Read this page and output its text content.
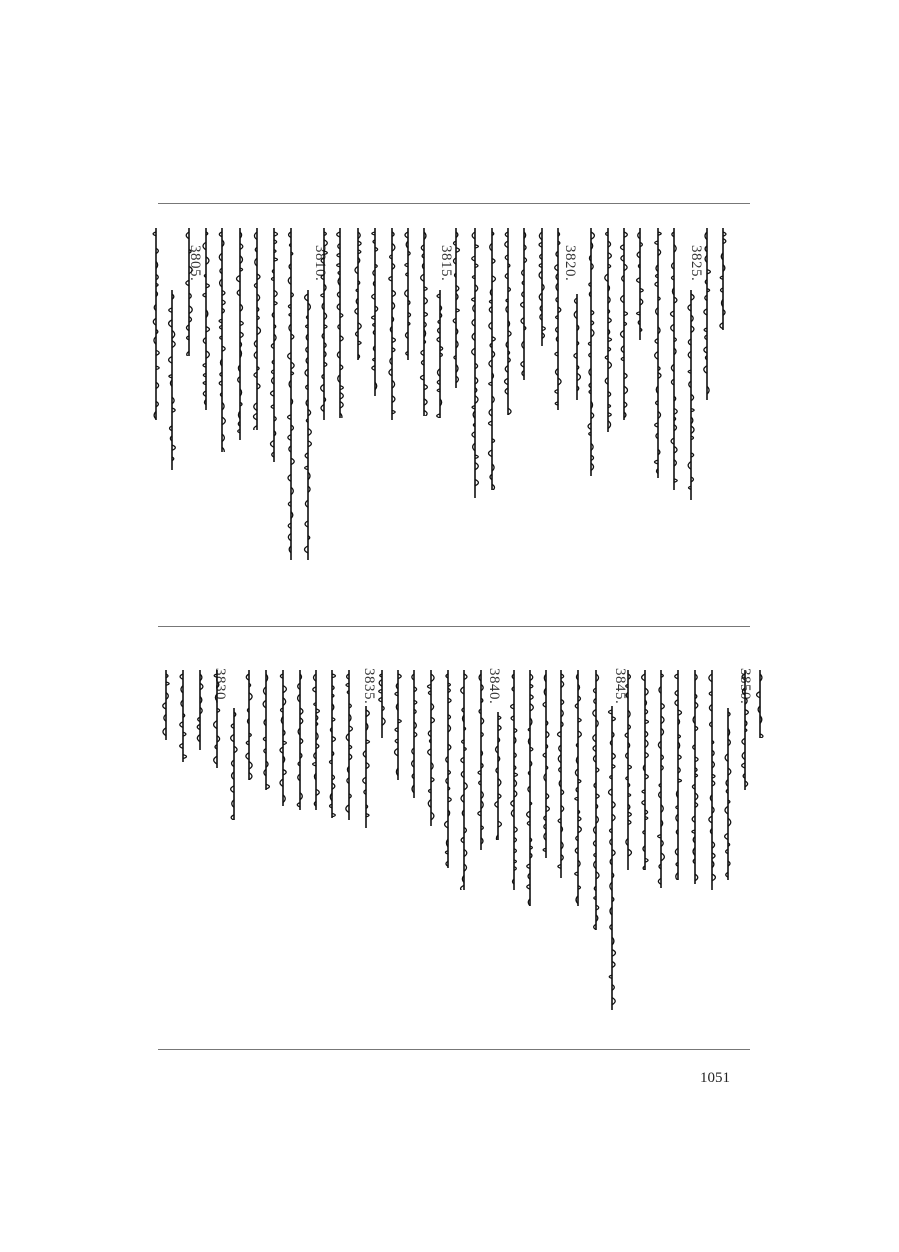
3825.
3820.
3815.
3810.
3805.
3850.
3845.
3840.
3835.
3830.
1051
